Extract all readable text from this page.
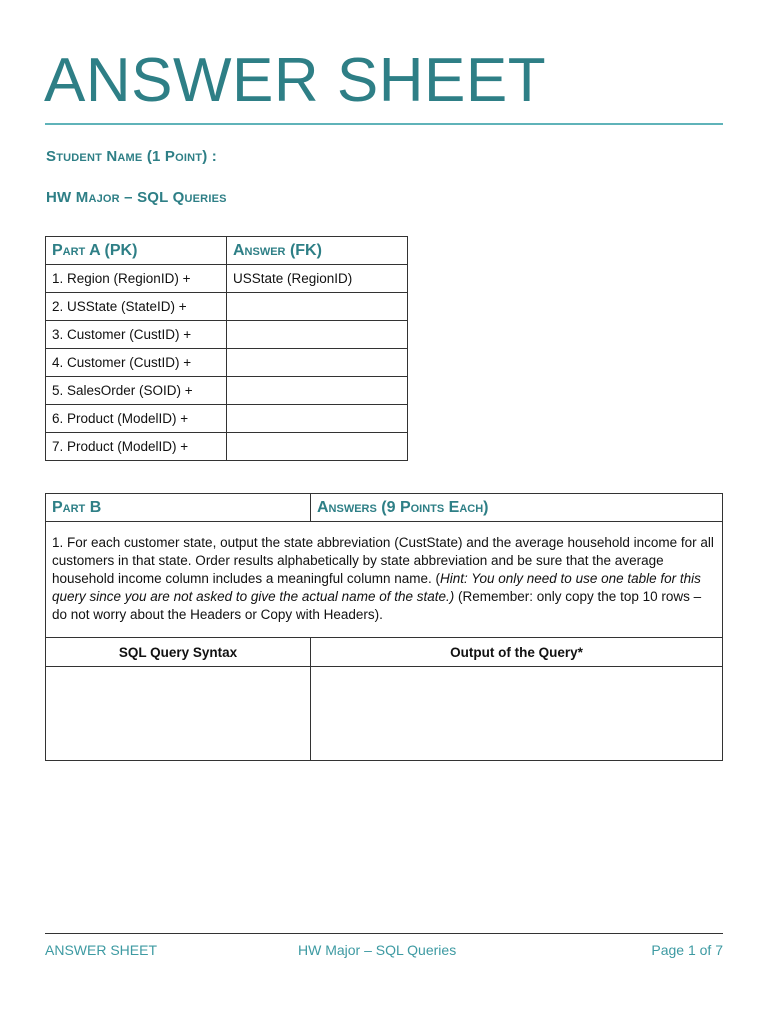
ANSWER SHEET
Student Name (1 Point) :
HW Major – SQL Queries
Part A (PK)	Answer (FK)
1. Region (RegionID) +	USState (RegionID)
2. USState (StateID) +	
3. Customer (CustID) +	
4. Customer (CustID) +	
5. SalesOrder (SOID) +	
6. Product (ModelID) +	
7. Product (ModelID) +	
Part B	Answers (9 Points Each)
1. For each customer state, output the state abbreviation (CustState) and the average household income for all customers in that state. Order results alphabetically by state abbreviation and be sure that the average household income column includes a meaningful column name. (Hint: You only need to use one table for this query since you are not asked to give the actual name of the state.) (Remember: only copy the top 10 rows – do not worry about the Headers or Copy with Headers).	
SQL Query Syntax	Output of the Query*

ANSWER SHEET	HW Major – SQL Queries	Page 1 of 7
